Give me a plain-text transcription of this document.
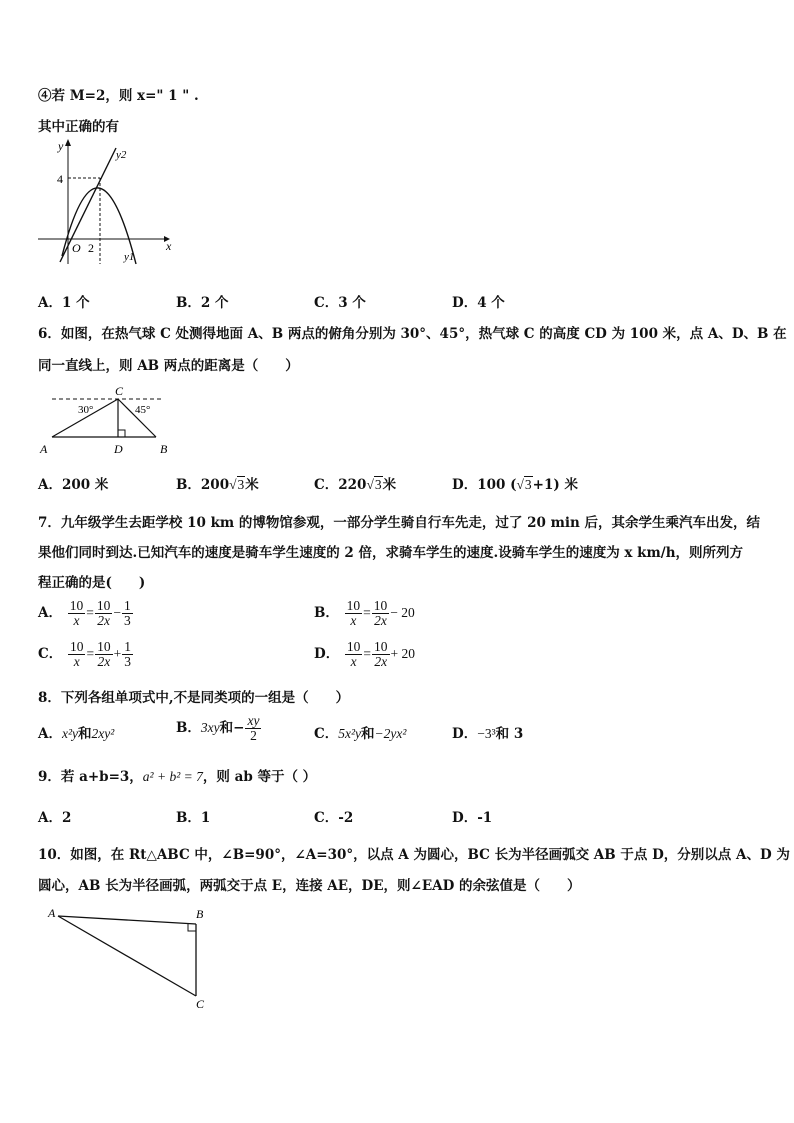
④若 M=2，则 x=" 1 " .
其中正确的有
y
x
y2
y1
4
O 2
A．1 个	B．2 个	C．3 个	D．4 个
6．如图，在热气球 C 处测得地面 A、B 两点的俯角分别为 30°、45°，热气球 C 的高度 CD 为 100 米，点 A、D、B 在
同一直线上，则 AB 两点的距离是（　　）
C
30°	45°
A	D	B
A．200 米	B．200√3米	C．220√3米	D．100 (√3+1) 米
7．九年级学生去距学校 10 km 的博物馆参观，一部分学生骑自行车先走，过了 20 min 后，其余学生乘汽车出发，结
果他们同时到达.已知汽车的速度是骑车学生速度的 2 倍，求骑车学生的速度.设骑车学生的速度为 x km/h，则所列方
程正确的是(　　)
A． $\frac{10}{x} = \frac{10}{2x} - \frac{1}{3}$	B． $\frac{10}{x} = \frac{10}{2x} - 20$
C． $\frac{10}{x} = \frac{10}{2x} + \frac{1}{3}$	D． $\frac{10}{x} = \frac{10}{2x} + 20$
8．下列各组单项式中,不是同类项的一组是（　　）
A．x²y和2xy²	B．3xy和− $\frac{xy}{2}$	C．5x²y和−2yx²	D．−3³和 3
9．若 a+b=3，a² + b² = 7，则 ab 等于（ ）
A．2	B．1	C．-2	D．-1
10．如图，在 Rt△ABC 中，∠B=90°，∠A=30°，以点 A 为圆心，BC 长为半径画弧交 AB 于点 D，分别以点 A、D 为
圆心，AB 长为半径画弧，两弧交于点 E，连接 AE，DE，则∠EAD 的余弦值是（　　）
A	B
C
